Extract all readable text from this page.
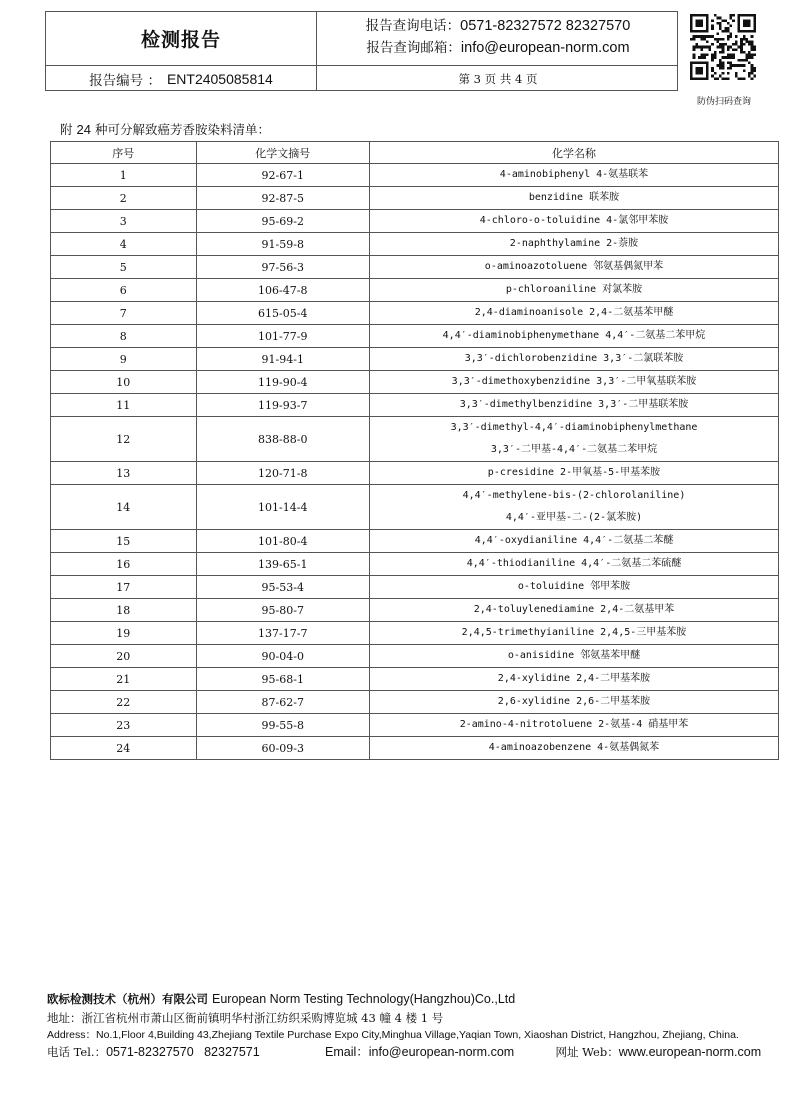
检测报告
报告查询电话：0571-82327572 82327570
报告查询邮箱：info@european-norm.com
报告编号 ： ENT2405085814	第 3 页 共 4 页
防伪扫码查询
附 24 种可分解致癌芳香胺染料清单：
序号	化学文摘号	化学名称
1	92-67-1	4-aminobiphenyl 4-氨基联苯

2	92-87-5	benzidine 联苯胺

3	95-69-2	4-chloro-o-toluidine 4-氯邻甲苯胺

4	91-59-8	2-naphthylamine 2-萘胺

5	97-56-3	o-aminoazotoluene 邻氨基偶氮甲苯

6	106-47-8	p-chloroaniline 对氯苯胺

7	615-05-4	2,4-diaminoanisole 2,4-二氨基苯甲醚

8	101-77-9	4,4′-diaminobiphenymethane 4,4′-二氨基二苯甲烷

9	91-94-1	3,3′-dichlorobenzidine 3,3′-二氯联苯胺

10	119-90-4	3,3′-dimethoxybenzidine 3,3′-二甲氧基联苯胺

11	119-93-7	3,3′-dimethylbenzidine 3,3′-二甲基联苯胺

12	838-88-0	3,3′-dimethyl-4,4′-diaminobiphenylmethane
3,3′-二甲基-4,4′-二氨基二苯甲烷

13	120-71-8	p-cresidine 2-甲氧基-5-甲基苯胺

14	101-14-4	4,4′-methylene-bis-(2-chlorolaniline)
4,4′-亚甲基-二-(2-氯苯胺)

15	101-80-4	4,4′-oxydianiline 4,4′-二氨基二苯醚

16	139-65-1	4,4′-thiodianiline 4,4′-二氨基二苯硫醚

17	95-53-4	o-toluidine 邻甲苯胺

18	95-80-7	2,4-toluylenediamine 2,4-二氨基甲苯

19	137-17-7	2,4,5-trimethyianiline 2,4,5-三甲基苯胺

20	90-04-0	o-anisidine 邻氨基苯甲醚

21	95-68-1	2,4-xylidine 2,4-二甲基苯胺

22	87-62-7	2,6-xylidine 2,6-二甲基苯胺

23	99-55-8	2-amino-4-nitrotoluene 2-氨基-4 硝基甲苯

24	60-09-3	4-aminoazobenzene 4-氨基偶氮苯
欧标检测技术（杭州）有限公司 European Norm Testing Technology(Hangzhou)Co.,Ltd
地址：浙江省杭州市萧山区衙前镇明华村浙江纺织采购博览城 43 幢 4 楼 1 号
Address：No.1,Floor 4,Building 43,Zhejiang Textile Purchase Expo City,Minghua Village,Yaqian Town, Xiaoshan District, Hangzhou, Zhejiang, China.
电话 Tel.：0571-82327570   82327571	Email：info@european-norm.com	网址 Web：www.european-norm.com
